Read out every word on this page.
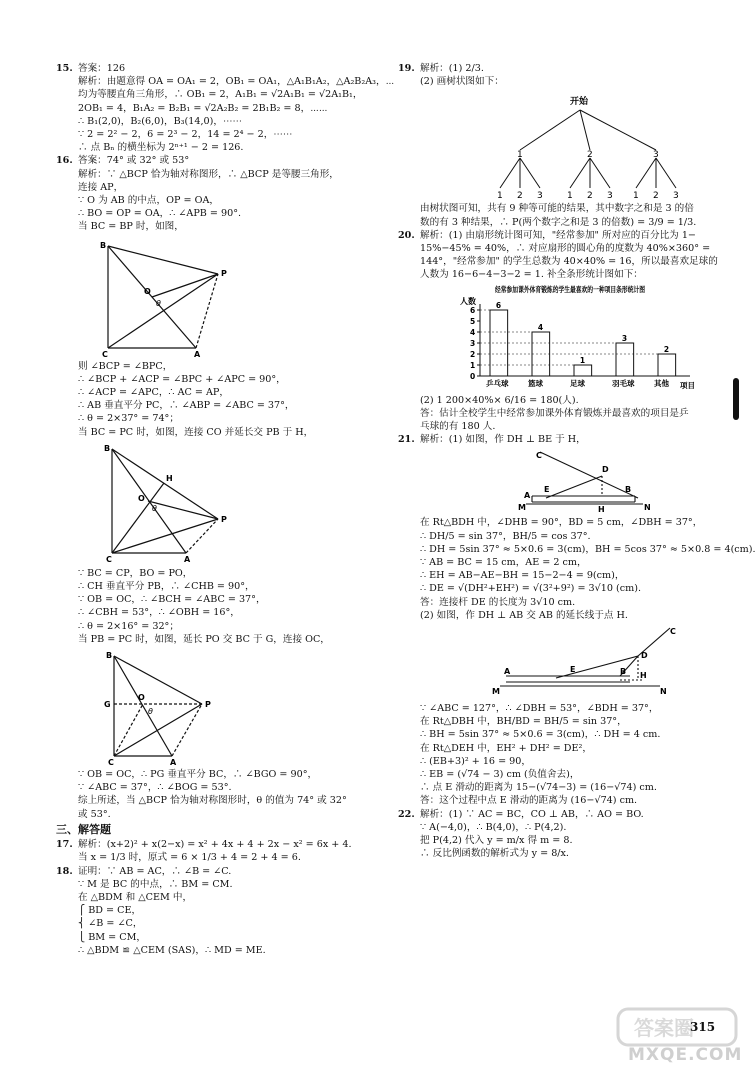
15. 答案：126
解析：由题意得 OA = OA₁ = 2，OB₁ = OA₁，△A₁B₁A₂，△A₂B₂A₃，⋯
均为等腰直角三角形，∴ OB₁ = 2，A₁B₁ = √2A₁B₁ = √2A₁B₁，
2OB₁ = 4，B₁A₂ = B₂B₁ = √2A₂B₂ = 2B₁B₂ = 8，⋯⋯
∴ B₁(2,0)，B₂(6,0)，B₃(14,0)，⋯⋯
∵ 2 = 2² − 2，6 = 2³ − 2，14 = 2⁴ − 2，⋯⋯
∴ 点 Bₙ 的横坐标为 2ⁿ⁺¹ − 2 = 126.
16. 答案：74° 或 32° 或 53°
解析：∵ △BCP 恰为轴对称图形，∴ △BCP 是等腰三角形，
连接 AP，
∵ O 为 AB 的中点，OP = OA，
∴ BO = OP = OA，∴ ∠APB = 90°.
当 BC = BP 时，如图，
B
O
θ
P
C	A
则 ∠BCP = ∠BPC，
∴ ∠BCP + ∠ACP = ∠BPC + ∠APC = 90°，
∴ ∠ACP = ∠APC，∴ AC = AP，
∴ AB 垂直平分 PC，∴ ∠ABP = ∠ABC = 37°，
∴ θ = 2×37° = 74°；
当 BC = PC 时，如图，连接 CO 并延长交 PB 于 H，
B
H
O
θ
P
C	A
∵ BC = CP，BO = PO，
∴ CH 垂直平分 PB，∴ ∠CHB = 90°，
∵ OB = OC，∴ ∠BCH = ∠ABC = 37°，
∴ ∠CBH = 53°，∴ ∠OBH = 16°，
∴ θ = 2×16° = 32°；
当 PB = PC 时，如图，延长 PO 交 BC 于 G，连接 OC，
B
O
θ
G	P
C	A
∵ OB = OC，∴ PG 垂直平分 BC，∴ ∠BGO = 90°，
∵ ∠ABC = 37°，∴ ∠BOG = 53°.
综上所述，当 △BCP 恰为轴对称图形时，θ 的值为 74° 或 32°
或 53°.
三、解答题
17. 解析：(x+2)² + x(2−x) = x² + 4x + 4 + 2x − x² = 6x + 4.
当 x = 1/3 时，原式 = 6 × 1/3 + 4 = 2 + 4 = 6.
18. 证明：∵ AB = AC，∴ ∠B = ∠C.
∵ M 是 BC 的中点，∴ BM = CM.
在 △BDM 和 △CEM 中，
⎧ BD = CE，
⎨ ∠B = ∠C，
⎩ BM = CM，
∴ △BDM ≌ △CEM (SAS)，∴ MD = ME.
19. 解析：(1) 2/3.
(2) 画树状图如下：
开始
1	2	3
1 2 3	1 2 3 1 2 3
由树状图可知，共有 9 种等可能的结果，其中数字之和是 3 的倍
数的有 3 种结果，∴ P(两个数字之和是 3 的倍数) = 3/9 = 1/3.
20. 解析：(1) 由扇形统计图可知，"经常参加" 所对应的百分比为 1−
15%−45% = 40%，∴ 对应扇形的圆心角的度数为 40%×360° =
144°，"经常参加" 的学生总数为 40×40% = 16，所以最喜欢足球的
人数为 16−6−4−3−2 = 1. 补全条形统计图如下：
经常参加课外体育锻炼的学生最喜欢的一种项目条形统计图
人数
项目
0
1
2
3
4
5
6
6
乒乓球
4
篮球
1
足球
3
羽毛球
2
其他
(2) 1 200×40%× 6/16 = 180(人).
答：估计全校学生中经常参加课外体育锻炼并最喜欢的项目是乒
乓球的有 180 人.
21. 解析：(1) 如图，作 DH ⊥ BE 于 H，
C
D
E
H
B
A
M	N
在 Rt△BDH 中，∠DHB = 90°，BD = 5 cm，∠DBH = 37°，
∴ DH/5 = sin 37°，BH/5 = cos 37°.
∴ DH = 5sin 37° ≈ 5×0.6 = 3(cm)，BH = 5cos 37° ≈ 5×0.8 = 4(cm).
∵ AB = BC = 15 cm，AE = 2 cm，
∴ EH = AB−AE−BH = 15−2−4 = 9(cm)，
∴ DE = √(DH²+EH²) = √(3²+9²) = 3√10 (cm).
答：连接杆 DE 的长度为 3√10 cm.
(2) 如图，作 DH ⊥ AB 交 AB 的延长线于点 H.
C
E
D
A	B H
M	N
∵ ∠ABC = 127°，∴ ∠DBH = 53°，∠BDH = 37°，
在 Rt△DBH 中，BH/BD = BH/5 = sin 37°，
∴ BH = 5sin 37° ≈ 5×0.6 = 3(cm)，∴ DH = 4 cm.
在 Rt△DEH 中，EH² + DH² = DE²，
∴ (EB+3)² + 16 = 90，
∴ EB = (√74 − 3) cm (负值舍去)，
∴ 点 E 滑动的距离为 15−(√74−3) = (16−√74) cm.
答：这个过程中点 E 滑动的距离为 (16−√74) cm.
22. 解析：(1) ∵ AC = BC，CO ⊥ AB，∴ AO = BO.
∵ A(−4,0)，∴ B(4,0)，∴ P(4,2).
把 P(4,2) 代入 y = m/x 得 m = 8.
∴ 反比例函数的解析式为 y = 8/x.
答案圈
315
MXQE.COM
